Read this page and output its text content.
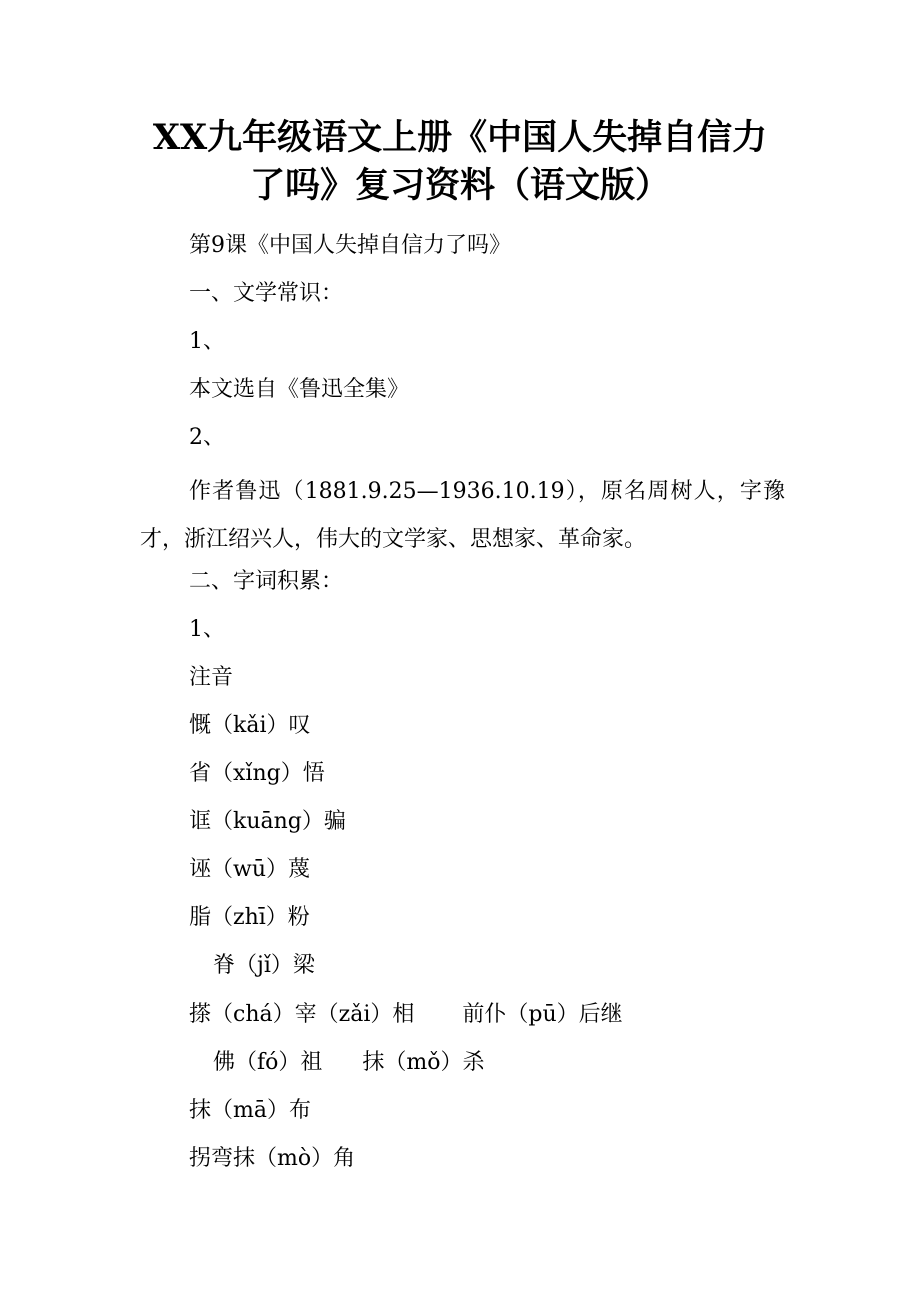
XX九年级语文上册《中国人失掉自信力
了吗》复习资料（语文版）

第9课《中国人失掉自信力了吗》

一、文学常识：

1、

本文选自《鲁迅全集》

2、

作者鲁迅（1881.9.25—1936.10.19），原名周树人，字豫才，浙江绍兴人，伟大的文学家、思想家、革命家。

二、字词积累：

1、

注音

慨（kǎi）叹

省（xǐng）悟

诓（kuāng）骗

诬（wū）蔑

脂（zhī）粉

脊（jǐ）梁

搽（chá）宰（zǎi）相 前仆（pū）后继

佛（fó）祖 抹（mǒ）杀

抹（mā）布

拐弯抹（mò）角
